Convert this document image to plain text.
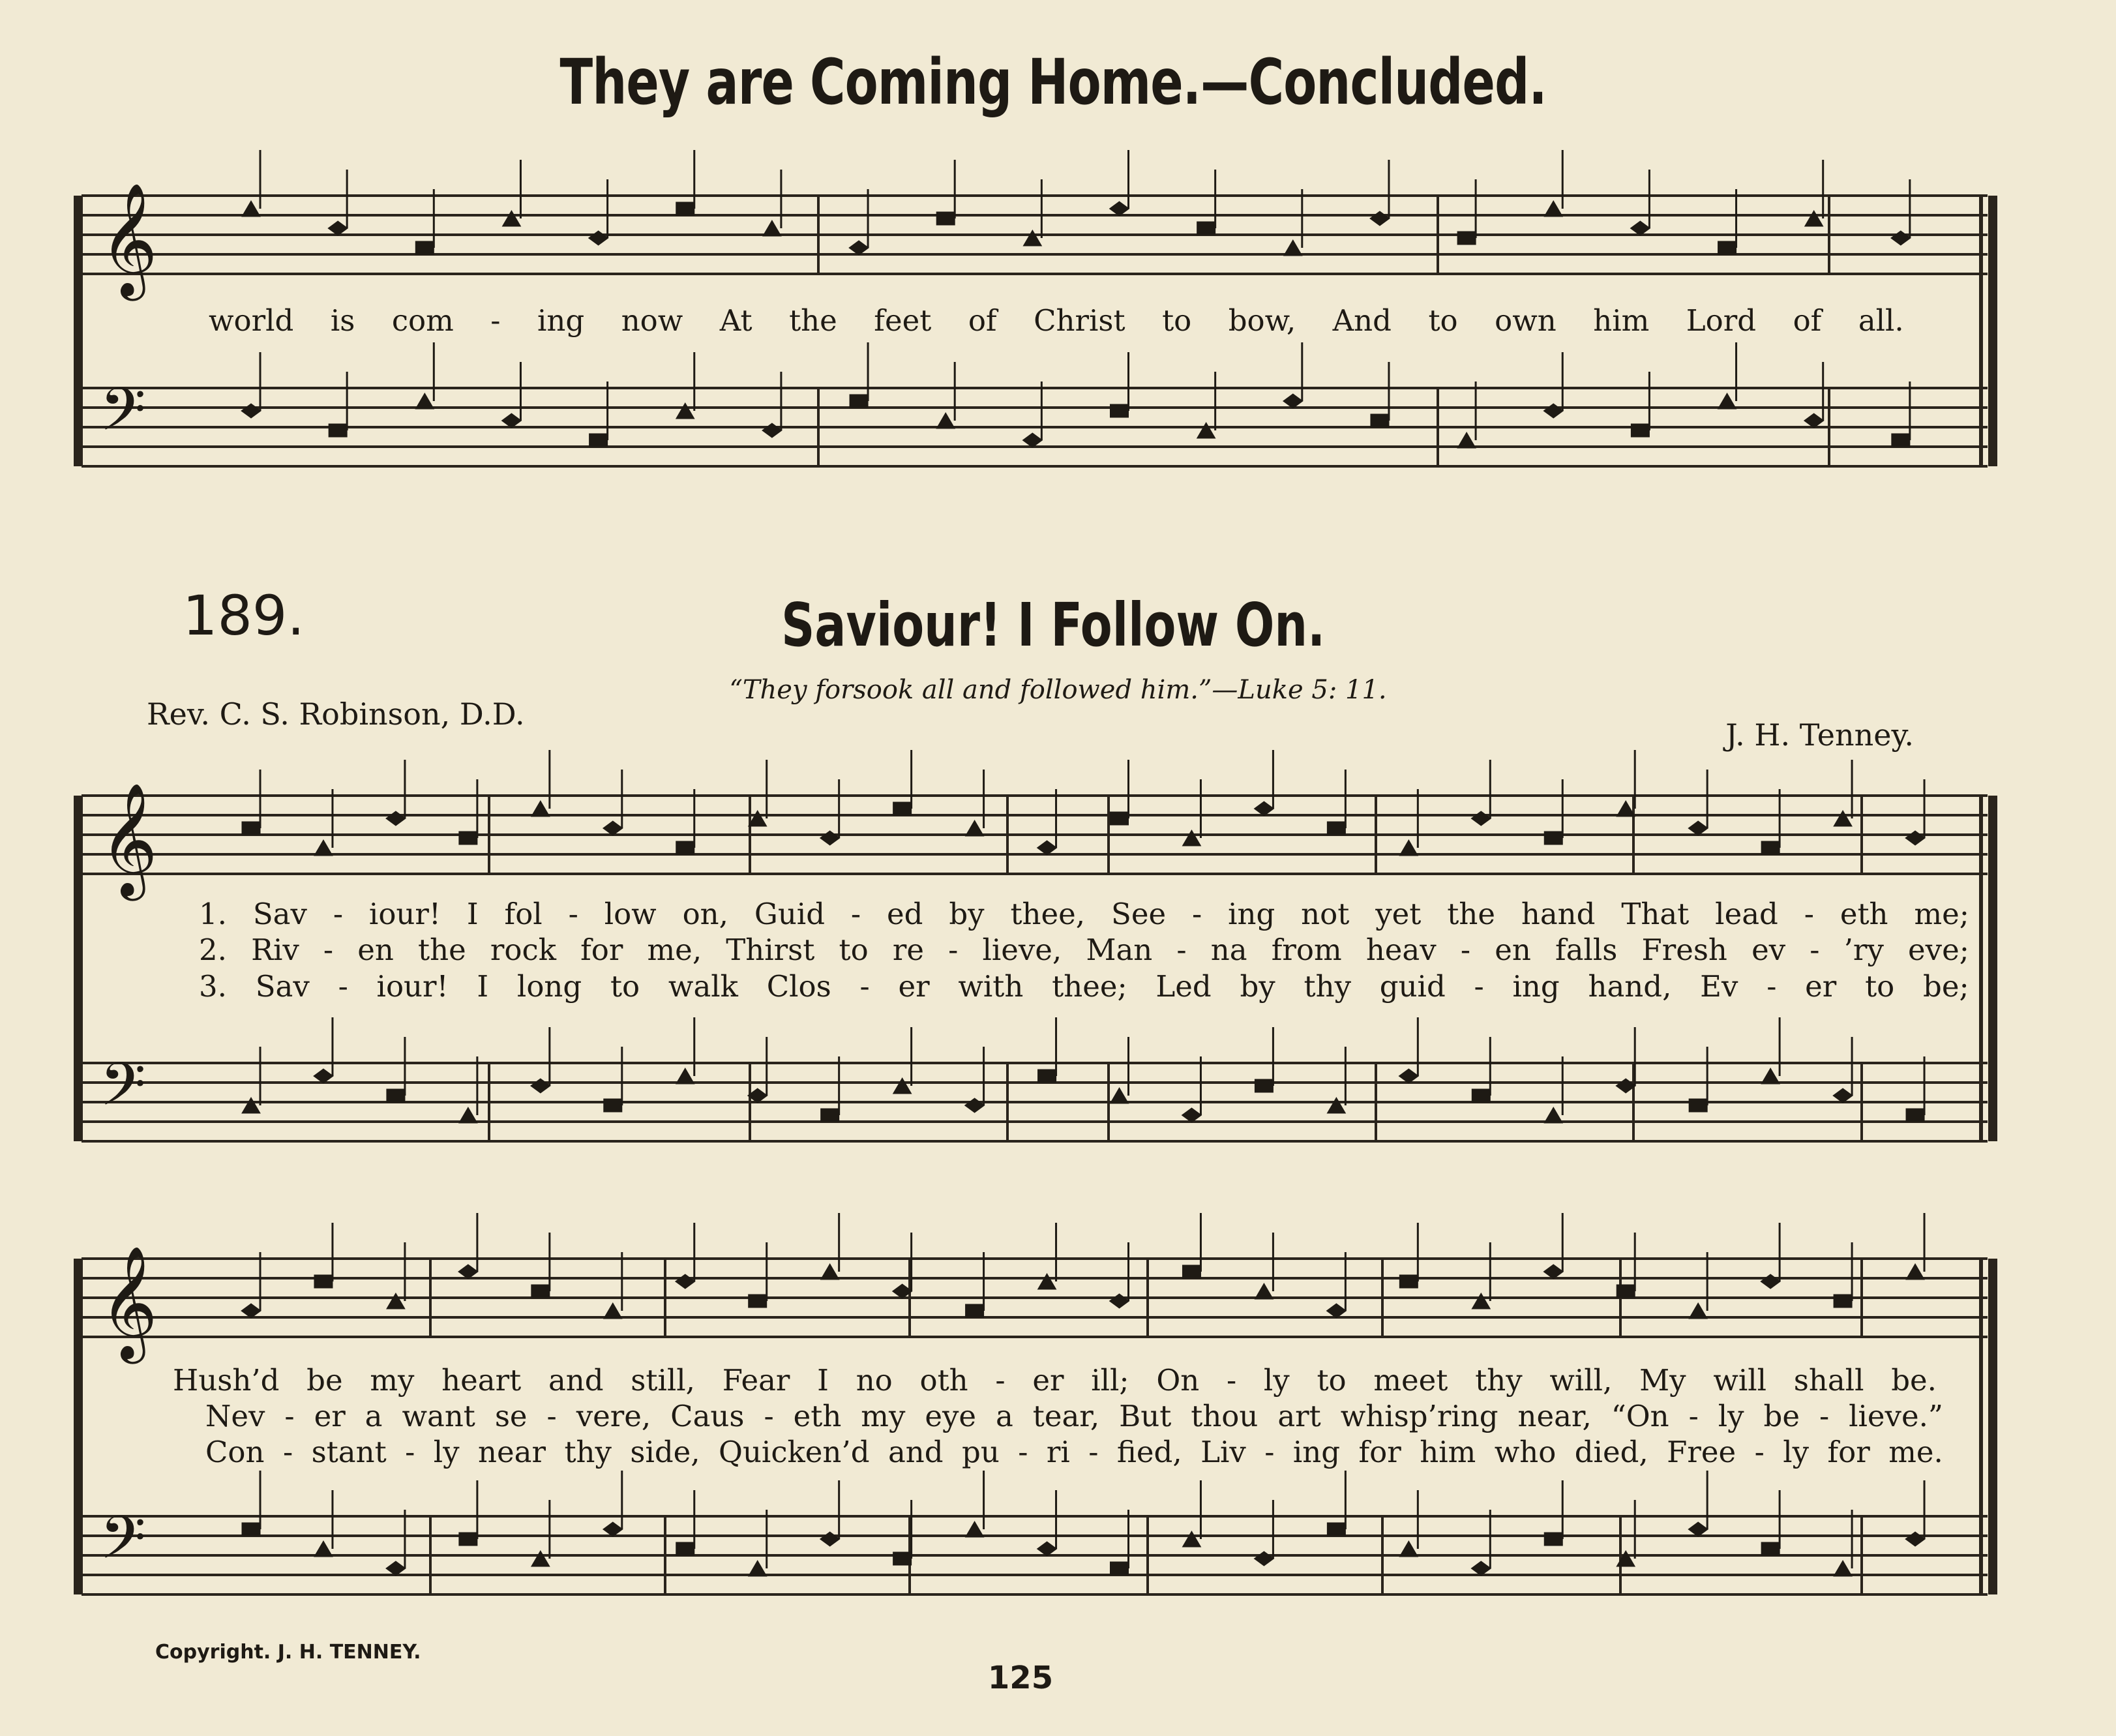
They are Coming Home.—Concluded.
𝄞
𝄢
𝄞
𝄢
𝄞
𝄢
world is com - ing now At the feet of Christ to bow, And to own him Lord of all.
189.	Saviour! I Follow On.
“They forsook all and followed him.”—Luke 5: 11.
Rev. C. S. Robinson, D.D.
J. H. Tenney.
1. Sav - iour! I fol - low on, Guid - ed by thee, See - ing not yet the hand That lead - eth me;
2. Riv - en the rock for me, Thirst to re - lieve, Man - na from heav - en falls Fresh ev - ’ry eve;
3. Sav - iour! I long to walk Clos - er with thee; Led by thy guid - ing hand, Ev - er to be;
Hush’d be my heart and still, Fear I no oth - er ill; On - ly to meet thy will, My will shall be.
Nev - er a want se - vere, Caus - eth my eye a tear, But thou art whisp’ring near, “On - ly be - lieve.”
Con - stant - ly near thy side, Quicken’d and pu - ri - fied, Liv - ing for him who died, Free - ly for me.
Copyright. J. H. TENNEY.
125
